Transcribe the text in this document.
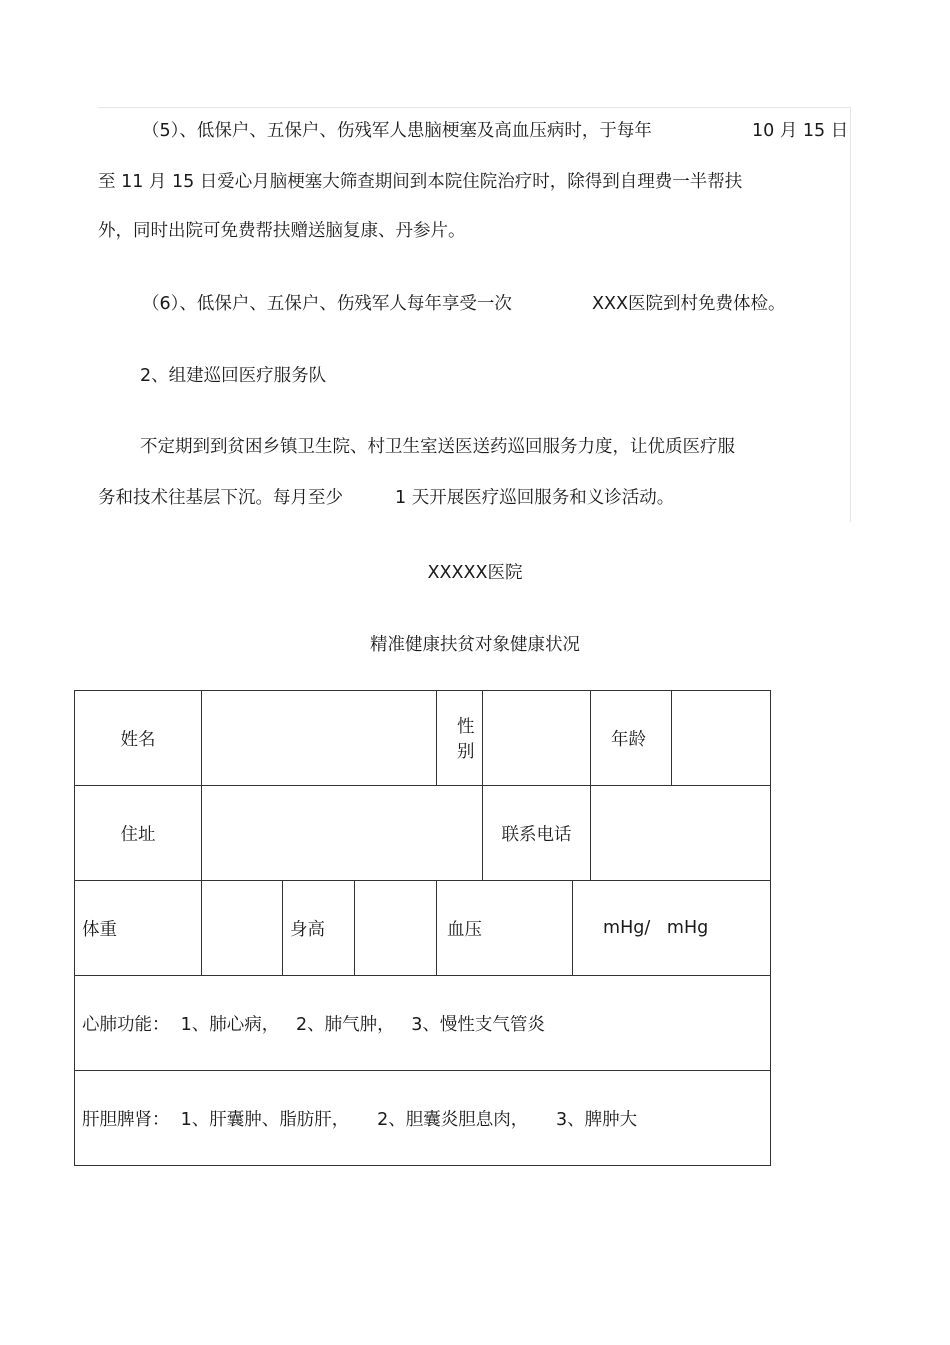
（5）、低保户、五保户、伤残军人患脑梗塞及高血压病时，于每年	10 月 15 日
至 11 月 15 日爱心月脑梗塞大筛查期间到本院住院治疗时，除得到自理费一半帮扶
外，同时出院可免费帮扶赠送脑复康、丹参片。
（6）、低保户、五保户、伤残军人每年享受一次	XXX医院到村免费体检。
2、组建巡回医疗服务队
不定期到到贫困乡镇卫生院、村卫生室送医送药巡回服务力度，让优质医疗服
务和技术往基层下沉。每月至少	1 天开展医疗巡回服务和义诊活动。
XXXXX医院
精准健康扶贫对象健康状况
姓名				性别			年龄	
住址					联系电话			
体重		身高		血压		mHg/   mHg		
心肺功能：  1、肺心病，   2、肺气肿，   3、慢性支气管炎								
肝胆脾肾：  1、肝囊肿、脂肪肝，     2、胆囊炎胆息肉，     3、脾肿大								
